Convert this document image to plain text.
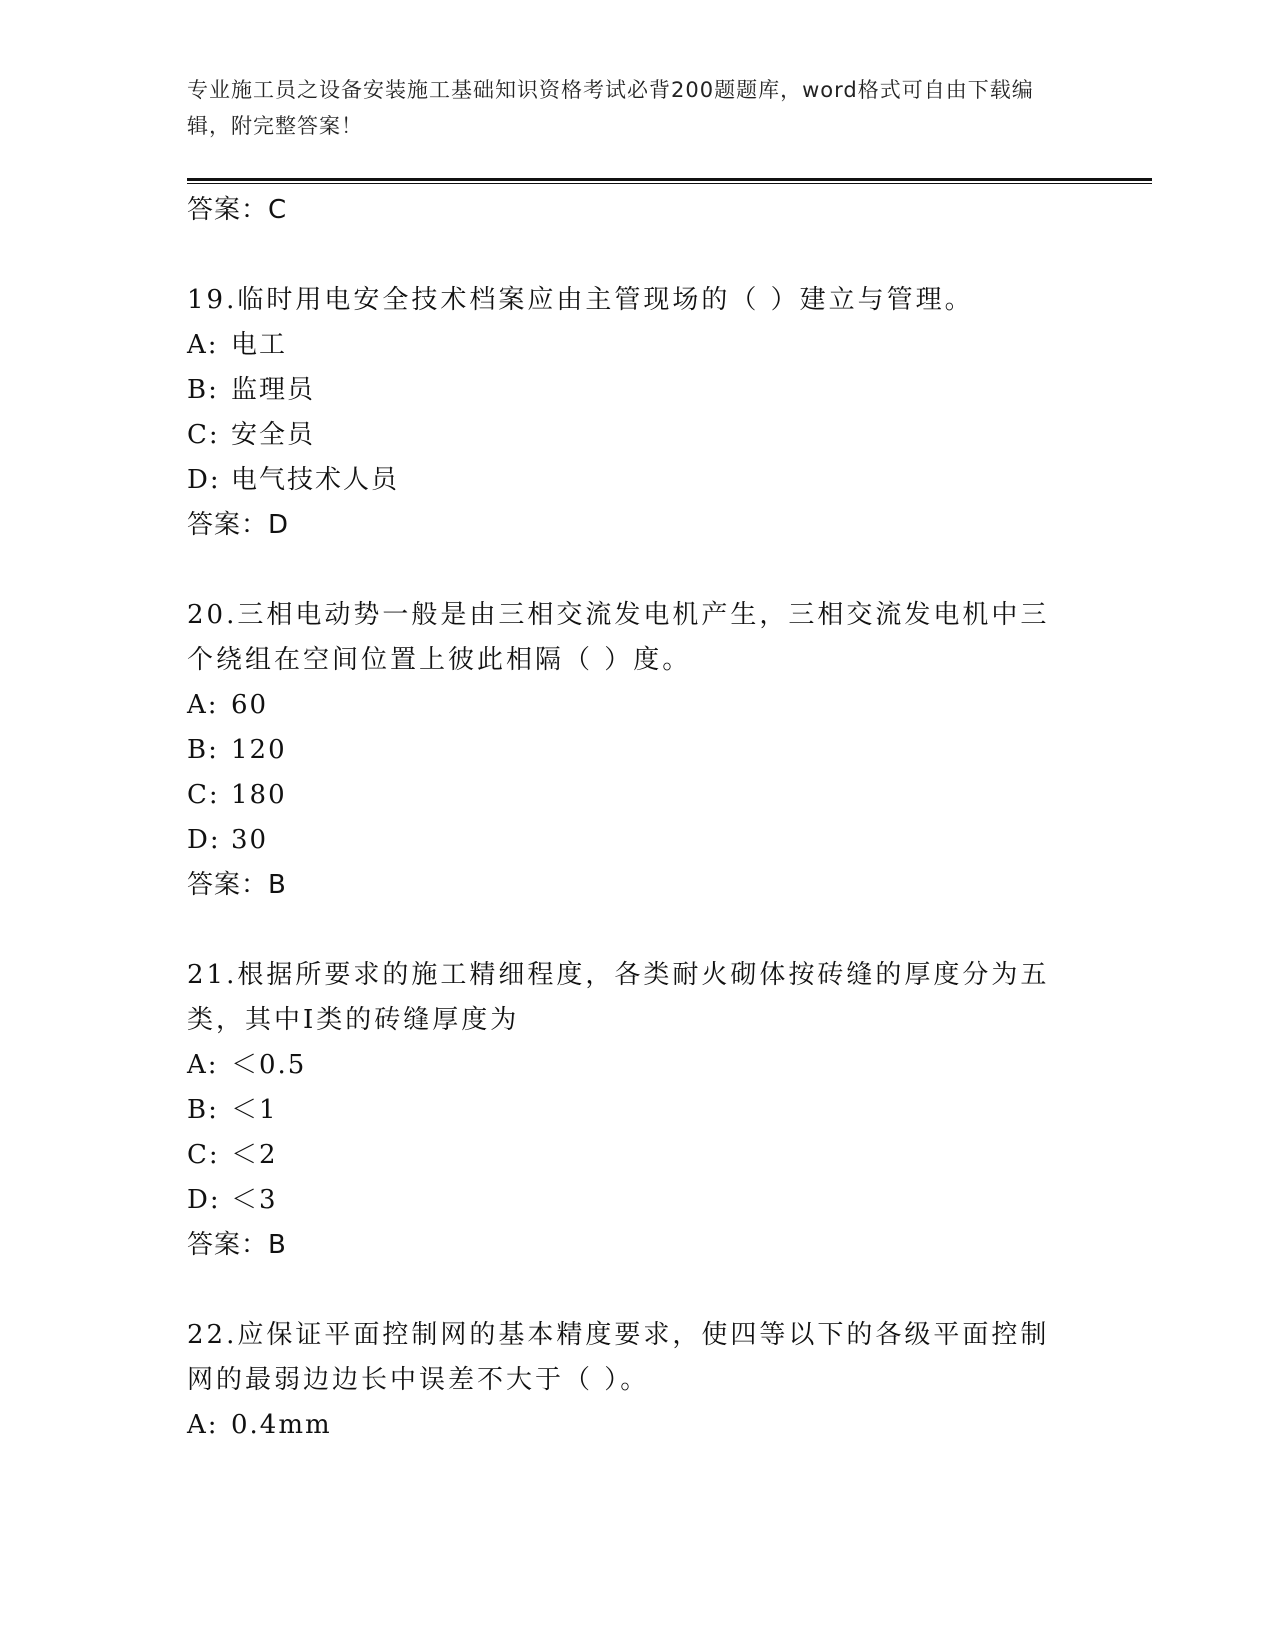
专业施工员之设备安装施工基础知识资格考试必背200题题库，word格式可自由下载编辑，附完整答案！
答案：C
19.临时用电安全技术档案应由主管现场的（ ）建立与管理。
A: 电工
B: 监理员
C: 安全员
D: 电气技术人员
答案：D
20.三相电动势一般是由三相交流发电机产生，三相交流发电机中三个绕组在空间位置上彼此相隔（ ）度。
A: 60
B: 120
C: 180
D: 30
答案：B
21.根据所要求的施工精细程度，各类耐火砌体按砖缝的厚度分为五类，其中I类的砖缝厚度为
A: ＜0.5
B: ＜1
C: ＜2
D: ＜3
答案：B
22.应保证平面控制网的基本精度要求，使四等以下的各级平面控制网的最弱边边长中误差不大于（ ）。
A: 0.4mm
